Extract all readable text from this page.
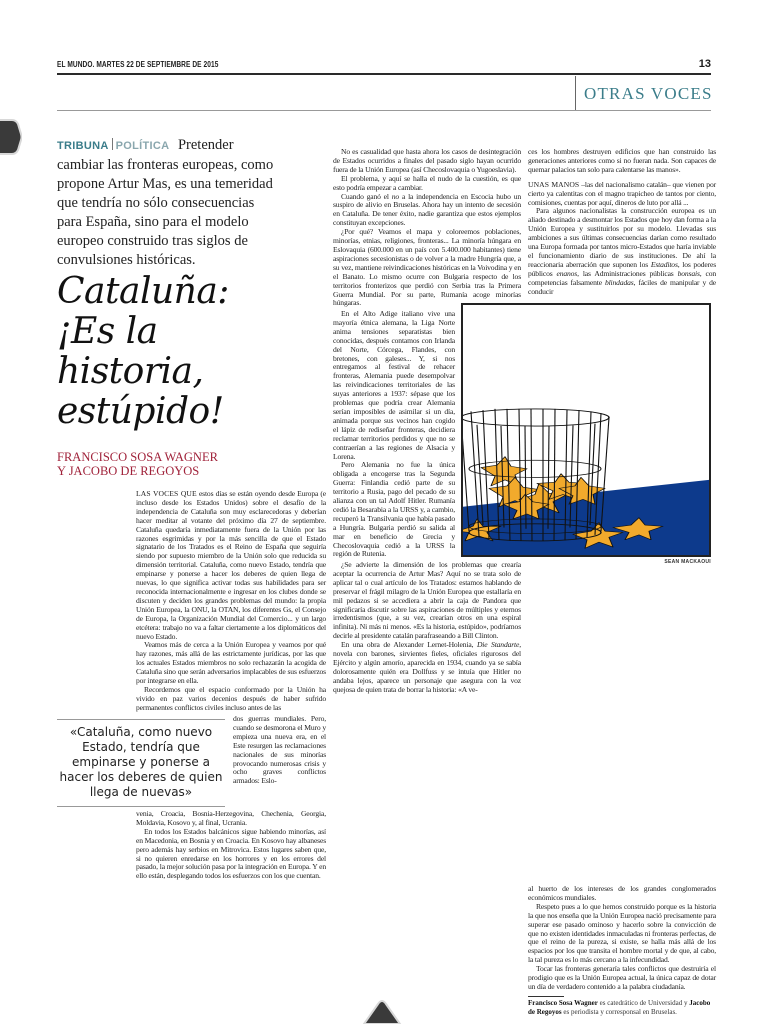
EL MUNDO. MARTES 22 DE SEPTIEMBRE DE 2015	13
OTRAS VOCES
TRIBUNA POLÍTICA Pretender cambiar las fronteras europeas, como propone Artur Mas, es una temeridad que tendría no sólo consecuencias para España, sino para el modelo europeo construido tras siglos de convulsiones históricas.
Cataluña:
¡Es la
historia,
estúpido!
FRANCISCO SOSA WAGNER
Y JACOBO DE REGOYOS

LAS VOCES QUE estos días se están oyendo desde Europa (e incluso desde los Estados Unidos) sobre el desafío de la independencia de Cataluña son muy esclarecedoras y deberían hacer meditar al votante del próximo día 27 de septiembre. Cataluña quedaría inmediatamente fuera de la Unión por las razones esgrimidas y por la más sencilla de que el Estado signatario de los Tratados es el Reino de España que seguiría siendo por supuesto miembro de la Unión solo que reducida su dimensión territorial. Cataluña, como nuevo Estado, tendría que empinarse y ponerse a hacer los deberes de quien llega de nuevas, lo que significa activar todas sus habilidades para ser reconocida internacionalmente e ingresar en los clubes donde se discuten y deciden los grandes problemas del mundo: la propia Unión Europea, la ONU, la OTAN, los diferentes Gs, el Consejo de Europa, la Organización Mundial del Comercio... y un largo etcétera: trabajo no va a faltar ciertamente a los diplomáticos del nuevo Estado.

Veamos más de cerca a la Unión Europea y veamos por qué hay razones, más allá de las estrictamente jurídicas, por las que los actuales Estados miembros no solo rechazarán la acogida de Cataluña sino que serán adversarios implacables de sus esfuerzos por integrarse en ella.

Recordemos que el espacio conformado por la Unión ha vivido en paz varios decenios después de haber sufrido permanentes conflictos civiles incluso antes de las

«Cataluña, como nuevo Estado, tendría que empinarse y ponerse a hacer los deberes de quien llega de nuevas»

dos guerras mundiales. Pero, cuando se desmorona el Muro y empieza una nueva era, en el Este resurgen las reclamaciones nacionales de sus minorías provocando numerosas crisis y ocho graves conflictos armados: Eslo-

venia, Croacia, Bosnia-Herzegovina, Chechenia, Georgia, Moldavia, Kosovo y, al final, Ucrania.

En todos los Estados balcánicos sigue habiendo minorías, así en Macedonia, en Bosnia y en Croacia. En Kosovo hay albaneses pero además hay serbios en Mitrovica. Estos lugares saben que, si no quieren enredarse en los horrores y en los errores del pasado, la mejor solución pasa por la integración en Europa. Y en ello están, desplegando todos los esfuerzos con los que cuentan.

No es casualidad que hasta ahora los casos de desintegración de Estados ocurridos a finales del pasado siglo hayan ocurrido fuera de la Unión Europea (así Checoslovaquia o Yugoeslavia).

El problema, y aquí se halla el nudo de la cuestión, es que esto podría empezar a cambiar.

Cuando ganó el no a la independencia en Escocia hubo un suspiro de alivio en Bruselas. Ahora hay un intento de secesión en Cataluña. De tener éxito, nadie garantiza que estos ejemplos constituyan excepciones.

¿Por qué? Veamos el mapa y coloreemos poblaciones, minorías, etnias, religiones, fronteras... La minoría húngara en Eslovaquia (600.000 en un país con 5.400.000 habitantes) tiene aspiraciones secesionistas o de volver a la madre Hungría que, a su vez, mantiene reivindicaciones históricas en la Voivodina y en el Banato. Lo mismo ocurre con Bulgaria respecto de los territorios fronterizos que perdió con Serbia tras la Primera Guerra Mundial. Por su parte, Rumanía acoge minorías húngaras.

En el Alto Adige italiano vive una mayoría étnica alemana, la Liga Norte anima tensiones separatistas bien conocidas, después contamos con Irlanda del Norte, Córcega, Flandes, con bretones, con galeses... Y, si nos entregamos al festival de rehacer fronteras, Alemania puede desempolvar las reivindicaciones territoriales de las suyas anteriores a 1937: sépase que los problemas que podría crear Alemania serían imposibles de asimilar si un día, animada porque sus vecinos han cogido el lápiz de rediseñar fronteras, decidiera reclamar territorios perdidos y que no se contraerían a las regiones de Alsacia y Lorena.

Pero Alemania no fue la única obligada a encogerse tras la Segunda Guerra: Finlandia cedió parte de su territorio a Rusia, pago del pecado de su alianza con un tal Adolf Hitler. Rumanía cedió la Besarabia a la URSS y, a cambio, recuperó la Transilvania que había pasado a Hungría. Bulgaria perdió su salida al mar en beneficio de Grecia y Checoslovaquia cedió a la URSS la región de Rutenia.

¿Se advierte la dimensión de los problemas que crearía aceptar la ocurrencia de Artur Mas? Aquí no se trata solo de aplicar tal o cual artículo de los Tratados: estamos hablando de preservar el frágil milagro de la Unión Europea que estallaría en mil pedazos si se accediera a abrir la caja de Pandora que significaría discutir sobre las aspiraciones de múltiples y eternos irredentismos (que, a su vez, crearían otros en una espiral infinita). Ni más ni menos. «Es la historia, estúpido», podríamos decirle al presidente catalán parafraseando a Bill Clinton.

En una obra de Alexander Lernet-Holenia, Die Standarte, novela con barones, sirvientes fieles, oficiales rigurosos del Ejército y algún amorío, aparecida en 1934, cuando ya se sabía dolorosamente quién era Dollfuss y se intuía que Hitler no andaba lejos, aparece un personaje que asegura con la voz quejosa de quien trata de borrar la historia: «A ve-

ces los hombres destruyen edificios que han construido las generaciones anteriores como si no fueran nada. Son capaces de quemar palacios tan solo para calentarse las manos».

UNAS MANOS –las del nacionalismo catalán– que vienen por cierto ya calentitas con el magno trapicheo de tantos por ciento, comisiones, cuentas por aquí, dineros de luto por allá ...

Para algunos nacionalistas la construcción europea es un aliado destinado a desmontar los Estados que hoy dan forma a la Unión Europea y sustituirlos por su modelo. Llevadas sus ambiciones a sus últimas consecuencias darían como resultado una Europa formada por tantos micro-Estados que haría inviable el funcionamiento diario de sus instituciones. De ahí la reaccionaria aberración que suponen los Estaditos, los poderes públicos enanos, las Administraciones públicas bonsais, con competencias falsamente blindadas, fáciles de manipular y de conducir

SEAN MACKAOUI

al huerto de los intereses de los grandes conglomerados económicos mundiales.

Respeto pues a lo que hemos construido porque es la historia la que nos enseña que la Unión Europea nació precisamente para superar ese pasado ominoso y hacerlo sobre la convicción de que no existen identidades inmaculadas ni fronteras perfectas, de que el reino de la pureza, si existe, se halla más allá de los espacios por los que transita el hombre mortal y de que, al cabo, la tal pureza es lo más cercano a la infecundidad.

Tocar las fronteras generaría tales conflictos que destruiría el prodigio que es la Unión Europea actual, la única capaz de dotar un día de verdadero contenido a la palabra ciudadanía.

Francisco Sosa Wagner es catedrático de Universidad y Jacobo de Regoyos es periodista y corresponsal en Bruselas.
